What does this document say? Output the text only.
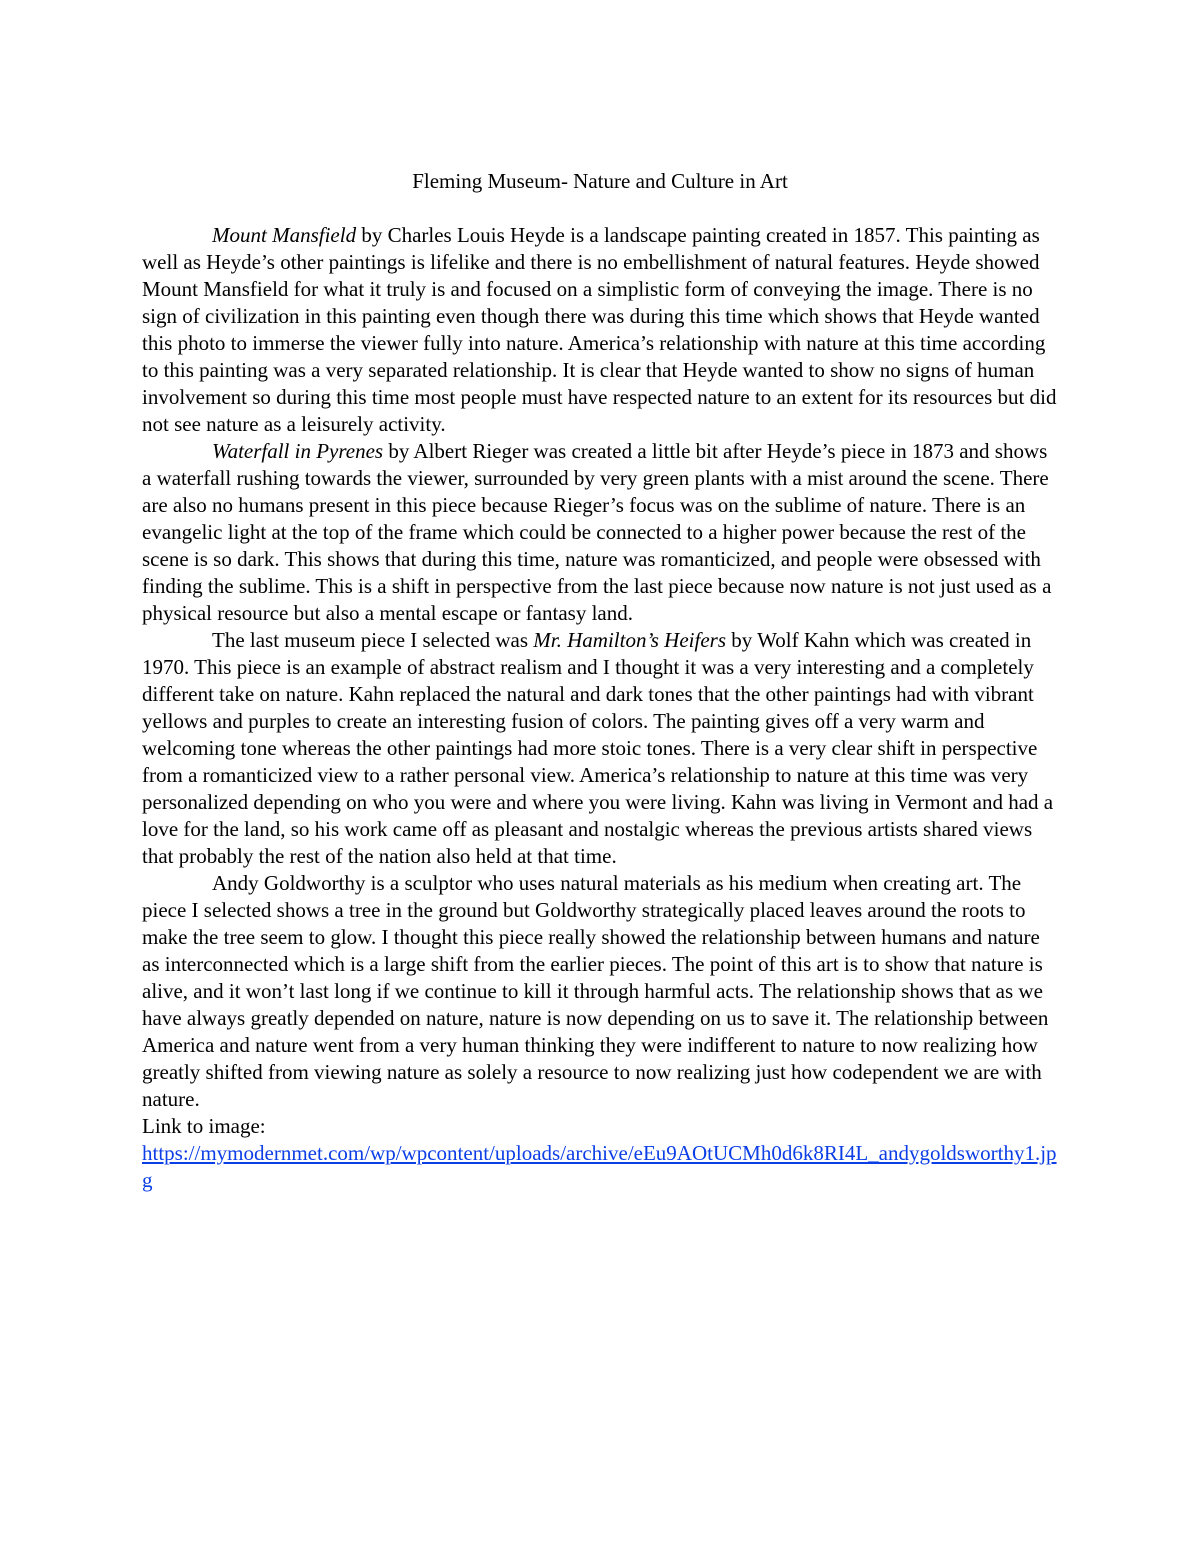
Fleming Museum- Nature and Culture in Art

Mount Mansfield by Charles Louis Heyde is a landscape painting created in 1857. This painting as well as Heyde’s other paintings is lifelike and there is no embellishment of natural features. Heyde showed Mount Mansfield for what it truly is and focused on a simplistic form of conveying the image. There is no sign of civilization in this painting even though there was during this time which shows that Heyde wanted this photo to immerse the viewer fully into nature. America’s relationship with nature at this time according to this painting was a very separated relationship. It is clear that Heyde wanted to show no signs of human involvement so during this time most people must have respected nature to an extent for its resources but did not see nature as a leisurely activity.

Waterfall in Pyrenes by Albert Rieger was created a little bit after Heyde’s piece in 1873 and shows a waterfall rushing towards the viewer, surrounded by very green plants with a mist around the scene. There are also no humans present in this piece because Rieger’s focus was on the sublime of nature. There is an evangelic light at the top of the frame which could be connected to a higher power because the rest of the scene is so dark. This shows that during this time, nature was romanticized, and people were obsessed with finding the sublime. This is a shift in perspective from the last piece because now nature is not just used as a physical resource but also a mental escape or fantasy land.

The last museum piece I selected was Mr. Hamilton’s Heifers by Wolf Kahn which was created in 1970. This piece is an example of abstract realism and I thought it was a very interesting and a completely different take on nature. Kahn replaced the natural and dark tones that the other paintings had with vibrant yellows and purples to create an interesting fusion of colors. The painting gives off a very warm and welcoming tone whereas the other paintings had more stoic tones. There is a very clear shift in perspective from a romanticized view to a rather personal view. America’s relationship to nature at this time was very personalized depending on who you were and where you were living. Kahn was living in Vermont and had a love for the land, so his work came off as pleasant and nostalgic whereas the previous artists shared views that probably the rest of the nation also held at that time.

Andy Goldworthy is a sculptor who uses natural materials as his medium when creating art. The piece I selected shows a tree in the ground but Goldworthy strategically placed leaves around the roots to make the tree seem to glow. I thought this piece really showed the relationship between humans and nature as interconnected which is a large shift from the earlier pieces. The point of this art is to show that nature is alive, and it won’t last long if we continue to kill it through harmful acts. The relationship shows that as we have always greatly depended on nature, nature is now depending on us to save it. The relationship between America and nature went from a very human thinking they were indifferent to nature to now realizing how greatly shifted from viewing nature as solely a resource to now realizing just how codependent we are with nature.

Link to image:

https://mymodernmet.com/wp/wpcontent/uploads/archive/eEu9AOtUCMh0d6k8RI4L_andygoldsworthy1.jpg
